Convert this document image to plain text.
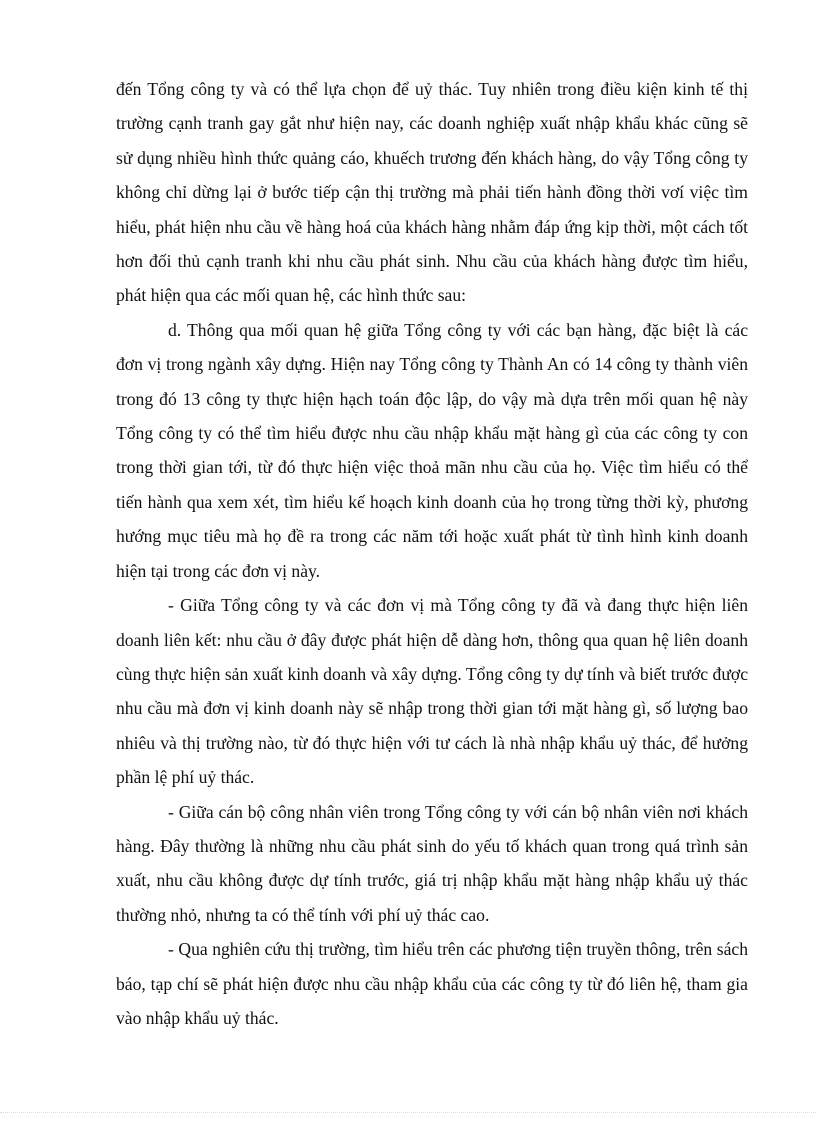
đến Tổng công ty và có thể lựa chọn để uỷ thác. Tuy nhiên trong điều kiện kinh tế thị trường cạnh tranh gay gắt như hiện nay, các doanh nghiệp xuất nhập khẩu khác cũng sẽ sử dụng nhiều hình thức quảng cáo, khuếch trương đến khách hàng, do vậy Tổng công ty không chỉ dừng lại ở bước tiếp cận thị trường mà phải tiến hành đồng thời vơí việc tìm hiểu, phát hiện nhu cầu về hàng hoá của khách hàng nhằm đáp ứng kịp thời, một cách tốt hơn đối thủ cạnh tranh khi nhu cầu phát sinh. Nhu cầu của khách hàng được tìm hiểu, phát hiện qua các mối quan hệ, các hình thức sau:

d. Thông qua mối quan hệ giữa Tổng công ty với các bạn hàng, đặc biệt là các đơn vị trong ngành xây dựng. Hiện nay Tổng công ty Thành An có 14 công ty thành viên trong đó 13 công ty thực hiện hạch toán độc lập, do vậy mà dựa trên mối quan hệ này Tổng công ty có thể tìm hiểu được nhu cầu nhập khẩu mặt hàng gì của các công ty con trong thời gian tới, từ đó thực hiện việc thoả mãn nhu cầu của họ. Việc tìm hiểu có thể tiến hành qua xem xét, tìm hiểu kế hoạch kinh doanh của họ trong từng thời kỳ, phương hướng mục tiêu mà họ đề ra trong các năm tới hoặc xuất phát từ tình hình kinh doanh hiện tại trong các đơn vị này.

- Giữa Tổng công ty và các đơn vị mà Tổng công ty đã và đang thực hiện liên doanh liên kết: nhu cầu ở đây được phát hiện dễ dàng hơn, thông qua quan hệ liên doanh cùng thực hiện sản xuất kinh doanh và xây dựng. Tổng công ty dự tính và biết trước được nhu cầu mà đơn vị kinh doanh này sẽ nhập trong thời gian tới mặt hàng gì, số lượng bao nhiêu và thị trường nào, từ đó thực hiện với tư cách là nhà nhập khẩu uỷ thác, để hưởng phần lệ phí uỷ thác.

- Giữa cán bộ công nhân viên trong Tổng công ty với cán bộ nhân viên nơi khách hàng. Đây thường là những nhu cầu phát sinh do yếu tố khách quan trong quá trình sản xuất, nhu cầu không được dự tính trước, giá trị nhập khẩu mặt hàng nhập khẩu uỷ thác thường nhỏ, nhưng ta có thể tính với phí uỷ thác cao.

- Qua nghiên cứu thị trường, tìm hiểu trên các phương tiện truyền thông, trên sách báo, tạp chí sẽ phát hiện được nhu cầu nhập khẩu của các công ty từ đó liên hệ, tham gia vào nhập khẩu uỷ thác.
